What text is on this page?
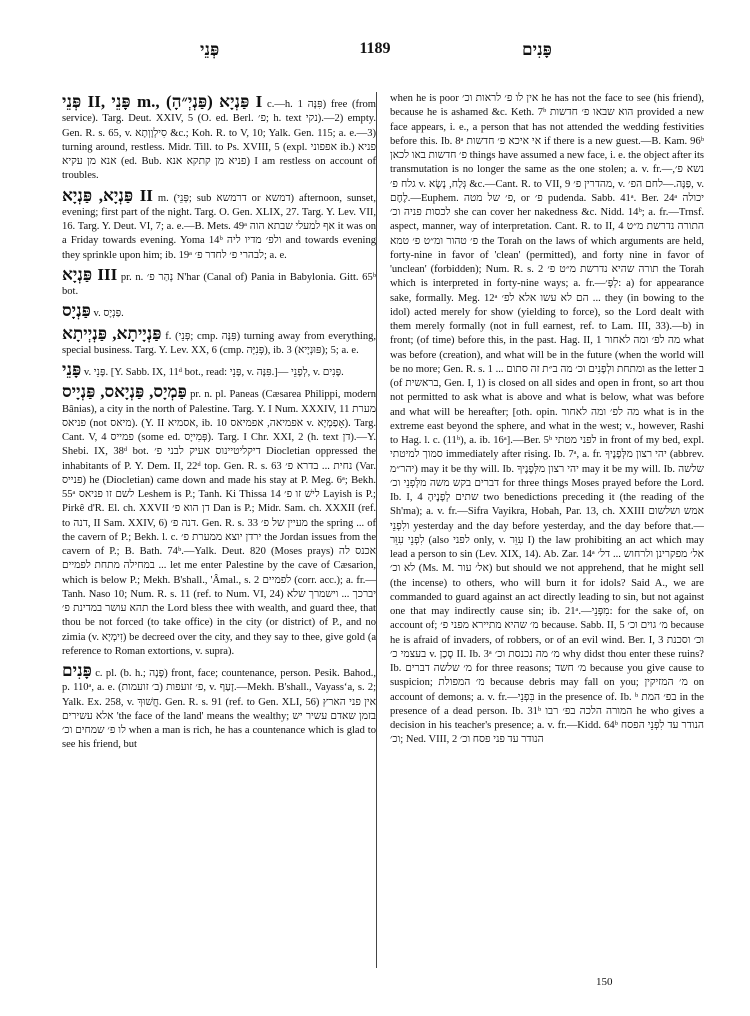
פְּנֵי	1189	פָּנִים

פְּנֵי II, פָּנֵי m., פַּנְיָא (פַּנְיְ״הָ) I c.—h. פִּנָּה 1) free (from service). Targ. Deut. XXIV, 5 (O. ed. Berl. פ׳; h. text נקי).—2) empty. Gen. R. s. 65, v. סִילְוָוְתָא &c.; Koh. R. to V, 10; Yalk. Gen. 115; a. e.—3) turning around, restless. Midr. Till. to Ps. XVIII, 5 (expl. אפפוני ib.) פניא אנא מן עקיא (ed. Bub. פניא מן קתקא אנא) I am restless on account of troubles.

פַּנְיָא, פַּנְיָא II m. (פְּנֵי; sub דרמשא or דמשא) afternoon, sunset, evening; first part of the night. Targ. O. Gen. XLIX, 27. Targ. Y. Lev. VII, 16. Targ. Y. Deut. VI, 7; a. e.—B. Mets. 49ᵃ אף למעלי שבתא הוה it was on a Friday towards evening. Yoma 14ᵇ ולפ׳ מדיו ליה and towards evening they sprinkle upon him; ib. 19ᵃ לבהרי פ׳ לחדר פ׳; a. e.

פַּנְיָא III pr. n. נְהַר פ׳ N'har (Canal of) Pania in Babylonia. Gitt. 65ᵇ bot.

פַּנְיָס v. פַּנְיָס.

פַּנְיָיתָא, פַּנְיְיתָא f. (פְּנֵי; cmp. פִּנָּה) turning away from everything, special business. Targ. Y. Lev. XX, 6 (cmp. פְּנִיָּה), ib. 3 (פּוּנְיָיא); 5; a. e.

פָּנֵי v. פָּנֵי. [Y. Sabb. IX, 11ᵈ bot., read: פָּנֵי, v. פִּנָּה.]— לְפָנֵי, v. פָּנִים.

פַּמְיָס, פַּנְיָאס, פַּנְיָיס pr. n. pl. Paneas (Cæsarea Philippi, modern Bânias), a city in the north of Palestine. Targ. Y. I Num. XXXIV, 11 מערת פניאס (not מיאס). (Y. II אסמיא, ib. 10 אפמיאה, אפמיאס v. אָפַמְיָא). Targ. Cant. V, 4 פמייס (some ed. פְּמִייָס). Targ. I Chr. XXI, 2 (h. text דן).—Y. Shebi. IX, 38ᵈ bot. דיקליטיינוס אעיק לבני פ׳ Diocletian oppressed the inhabitants of P. Y. Dem. II, 22ᵈ top. Gen. R. s. 63 נחית ... בדרא פ׳ (Var. פנייס) he (Diocletian) came down and made his stay at P. Meg. 6ᵃ; Bekh. 55ᵃ לשם זו פניאס Leshem is P.; Tanh. Ki Thissa 14 לישׁ זו פ׳ Layish is P.; Pirkê d'R. El. ch. XXVII דן הוא פ׳ Dan is P.; Midr. Sam. ch. XXXII (ref. to דנה, II Sam. XXIV, 6) דנה פ׳. Gen. R. s. 33 מעיין של פ׳ the spring ... of the cavern of P.; Bekh. l. c. ירדן יוצא ממערת פ׳ the Jordan issues from the cavern of P.; B. Bath. 74ᵇ.—Yalk. Deut. 820 (Moses prays) אכנס לה במחילה מתחת לפמיים ... let me enter Palestine by the cave of Cæsarion, which is below P.; Mekh. B'shall., 'Âmal., s. 2 לפמיים (corr. acc.); a. fr.—Tanh. Naso 10; Num. R. s. 11 (ref. to Num. VI, 24) יברכך ... וישמרך שלא תהא עושר במדינת פ׳ the Lord bless thee with wealth, and guard thee, that thou be not forced (to take office) in the city (or district) of P., and no zimia (v. זִימְיָא) be decreed over the city, and they say to thee, give gold (a reference to Roman extortions, v. supra).

פָּנִים c. pl. (b. h.; פָּנָה) front, face; countenance, person. Pesik. Bahod., p. 110ᵃ, a. e. פ׳ זועפות (ב׳ זועמות), v. זָעַף.—Mekh. B'shall., Vayassʻa, s. 2; Yalk. Ex. 258, v. חֲשׁוּךְ. Gen. R. s. 91 (ref. to Gen. XLI, 56) אין פני הארץ אלא עשירים 'the face of the land' means the wealthy; בזמן שאדם עשיר יש לו פ׳ שמחים וכ׳ when a man is rich, he has a countenance which is glad to see his friend, but

when he is poor אין לו פ׳ לראות וכ׳ he has not the face to see (his friend), because he is ashamed &c. Keth. 7ᵇ הוא שבאו פ׳ חדשות provided a new face appears, i. e., a person that has not attended the wedding festivities before this. Ib. 8ᵃ אי איכא פ׳ חדשות if there is a new guest.—B. Kam. 96ᵇ פ׳ חדשות באו לכאן things have assumed a new face, i. e. the object after its transmutation is no longer the same as the one stolen; a. v. fr.—נשא פ׳, גלח פ׳ v. גְּלַח, נָשָׂא &c.—Cant. R. to VII, 9 מהדרין פ׳, v. פַּנָּה.—לחם הפ׳, v. לֶחֶם.—Euphem. פ׳ של מטה, or פ׳ pudenda. Sabb. 41ᵃ. Ber. 24ᵃ יכולה לכסות פניה וכ׳ she can cover her nakedness &c. Nidd. 14ᵇ; a. fr.—Trnsf. aspect, manner, way of interpretation. Cant. R. to II, 4 התורה נדרשת מ״ט פ׳ טהור ומ״ט פ׳ טמא the Torah on the laws of which arguments are held, forty-nine in favor of 'clean' (permitted), and forty nine in favor of 'unclean' (forbidden); Num. R. s. 2 תורה שהיא נדרשת מ״ט פ׳ the Torah which is interpreted in forty-nine ways; a. fr.—לְפָּ׳: a) for appearance sake, formally. Meg. 12ᵃ הם לא עשו אלא לפ׳ ... they (in bowing to the idol) acted merely for show (yielding to force), so the Lord dealt with them merely formally (not in full earnest, ref. to Lam. III, 33).—b) in front; (of time) before this, in the past. Hag. II, 1 מה לפ׳ ומה לאחור what was before (creation), and what will be in the future (when the world will be no more; Gen. R. s. 1 ... ומתחת ולְפָנִים וכ׳ מה ב״ת זה סתום as the letter ב (of בראשית, Gen. I, 1) is closed on all sides and open in front, so art thou not permitted to ask what is above and what is below, what was before and what will be hereafter; [oth. opin. מה לפ׳ ומה לאחור what is in the extreme east beyond the sphere, and what in the west; v., however, Rashi to Hag. l. c. (11ᵇ), a. ib. 16ᵃ].—Ber. 5ᵇ לפני מטתי in front of my bed, expl. סמוך למיטתי immediately after rising. Ib. 7ᵃ, a. fr. יהי רצון מלְּפָנֶיךָ (abbrev. יהר״מ) may it be thy will. Ib. יהי רצון מלְּפָנֶיךָ may it be my will. Ib. שלשה דברים בקש משה מלְּפְנֵי וכ׳ for three things Moses prayed before the Lord. Ib. I, 4 שתים לְפָנֶיהָ two benedictions preceding it (the reading of the Sh'ma); a. v. fr.—Sifra Vayikra, Hobah, Par. 13, ch. XXIII אמש ושלשום ולִפְנֵי yesterday and the day before yesterday, and the day before that.—לִפְנֵי עִוֵּר (also לפני only, v. עִוֵּר I) the law prohibiting an act which may lead a person to sin (Lev. XIX, 14). Ab. Zar. 14ᵃ אל׳ מפקרינן ולרחוש ... דל׳ לא וכ׳ (Ms. M. אל׳ עור) but should we not apprehend, that he might sell (the incense) to others, who will burn it for idols? Said A., we are commanded to guard against an act directly leading to sin, but not against one that may indirectly cause sin; ib. 21ᵃ.—מִפְּנֵי: for the sake of, on account of; מ׳ שהיא מתיירא מפני פ׳ because. Sabb. II, 5 מ׳ גוים וכ׳ because he is afraid of invaders, of robbers, or of an evil wind. Ber. I, 3 וכ׳ וסכנת בעצמי כ׳ v. סָכַן II. Ib. 3ᵃ מ׳ מה נכנסת וכ׳ why didst thou enter these ruins? Ib. מ׳ שלשה דברים for three reasons; מ׳ חשד because you give cause to suspicion; מ׳ המפולת because debris may fall on you; מ׳ המזיקין on account of demons; a. v. fr.—בִּפְנֵי in the presence of. Ib. ᵇ בפ׳ המת in the presence of a dead person. Ib. 31ᵇ המורה הלכה בפ׳ רבו he who gives a decision in his teacher's presence; a. v. fr.—Kidd. 64ᵇ הנודר עד לִפְנֵי הפסח וכ׳; Ned. VIII, 2 הנודר עד פני פסח וכ׳

150
